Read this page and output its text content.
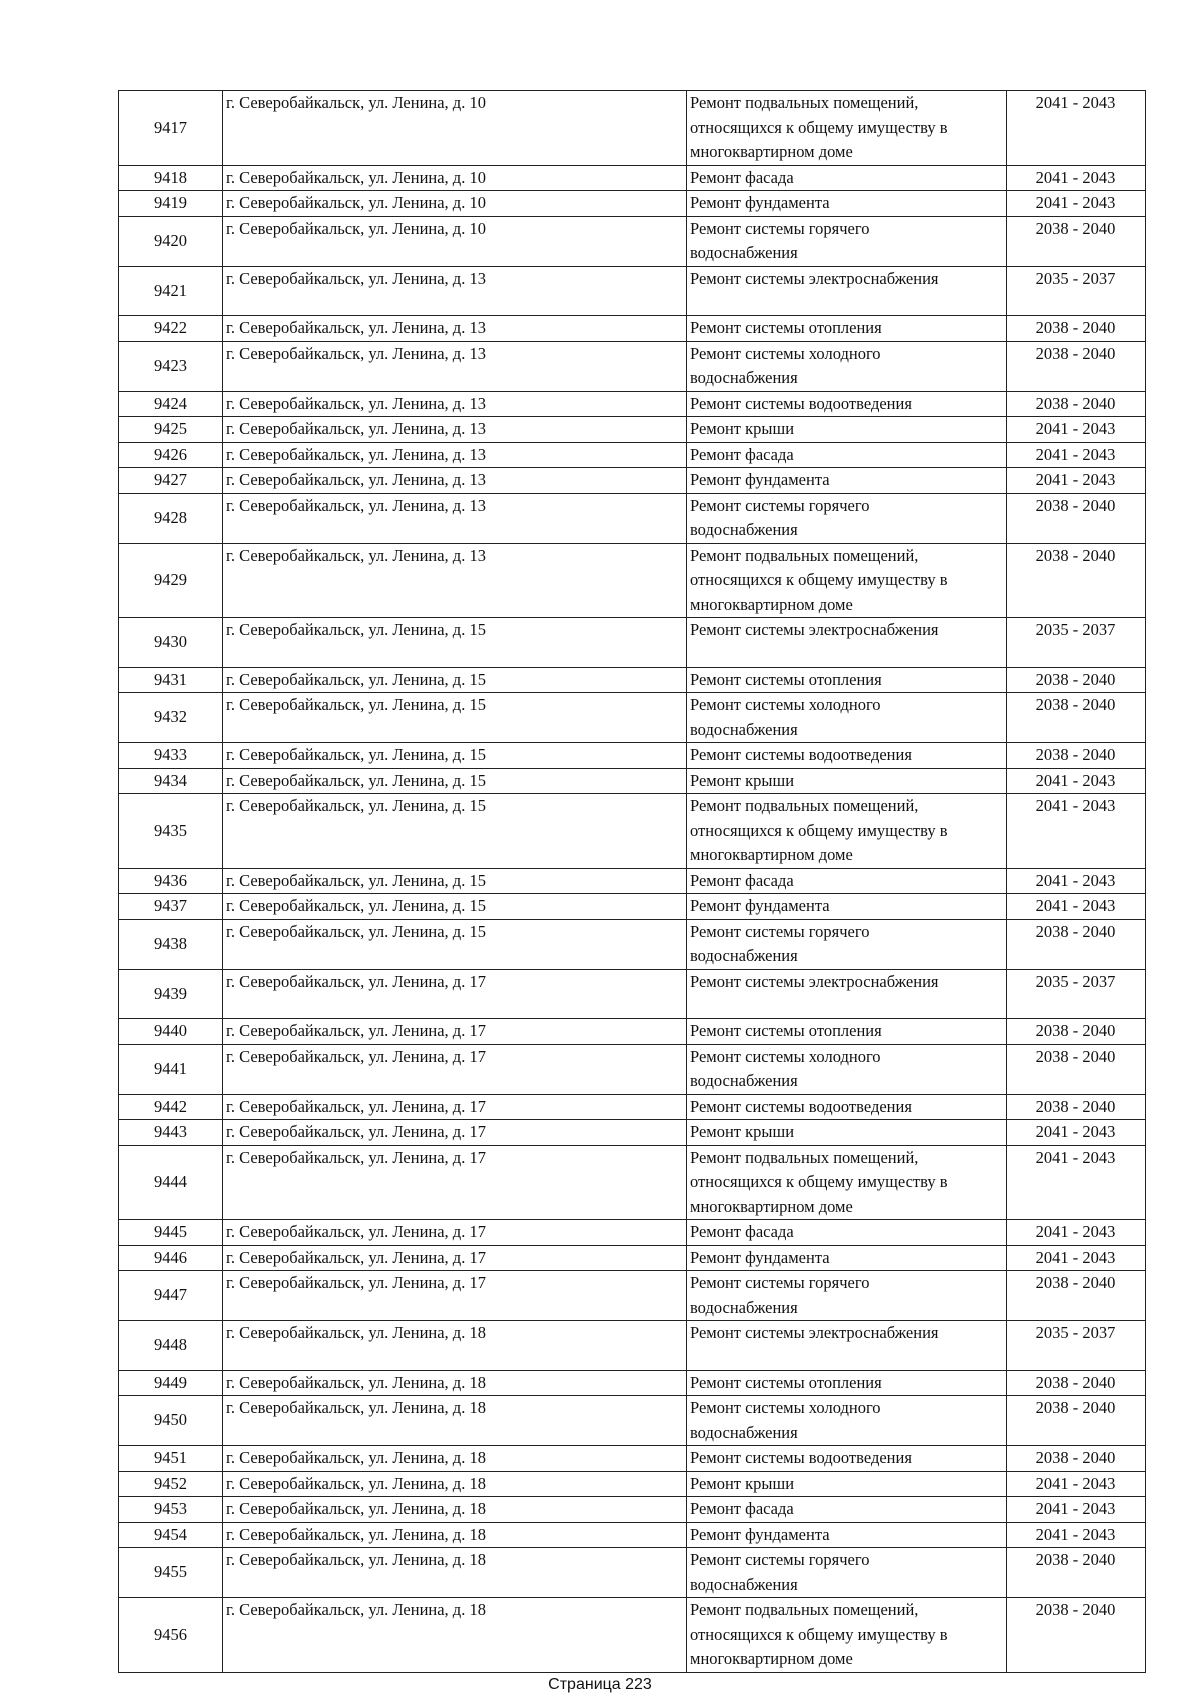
9417	г. Северобайкальск, ул. Ленина, д. 10	Ремонт подвальных помещений,
относящихся к общему имуществу в
многоквартирном доме	2041 - 2043
9418	г. Северобайкальск, ул. Ленина, д. 10	Ремонт фасада	2041 - 2043
9419	г. Северобайкальск, ул. Ленина, д. 10	Ремонт фундамента	2041 - 2043
9420	г. Северобайкальск, ул. Ленина, д. 10	Ремонт системы горячего
водоснабжения	2038 - 2040
9421	г. Северобайкальск, ул. Ленина, д. 13	Ремонт системы электроснабжения	2035 - 2037
9422	г. Северобайкальск, ул. Ленина, д. 13	Ремонт системы отопления	2038 - 2040
9423	г. Северобайкальск, ул. Ленина, д. 13	Ремонт системы холодного
водоснабжения	2038 - 2040
9424	г. Северобайкальск, ул. Ленина, д. 13	Ремонт системы водоотведения	2038 - 2040
9425	г. Северобайкальск, ул. Ленина, д. 13	Ремонт крыши	2041 - 2043
9426	г. Северобайкальск, ул. Ленина, д. 13	Ремонт фасада	2041 - 2043
9427	г. Северобайкальск, ул. Ленина, д. 13	Ремонт фундамента	2041 - 2043
9428	г. Северобайкальск, ул. Ленина, д. 13	Ремонт системы горячего
водоснабжения	2038 - 2040
9429	г. Северобайкальск, ул. Ленина, д. 13	Ремонт подвальных помещений,
относящихся к общему имуществу в
многоквартирном доме	2038 - 2040
9430	г. Северобайкальск, ул. Ленина, д. 15	Ремонт системы электроснабжения	2035 - 2037
9431	г. Северобайкальск, ул. Ленина, д. 15	Ремонт системы отопления	2038 - 2040
9432	г. Северобайкальск, ул. Ленина, д. 15	Ремонт системы холодного
водоснабжения	2038 - 2040
9433	г. Северобайкальск, ул. Ленина, д. 15	Ремонт системы водоотведения	2038 - 2040
9434	г. Северобайкальск, ул. Ленина, д. 15	Ремонт крыши	2041 - 2043
9435	г. Северобайкальск, ул. Ленина, д. 15	Ремонт подвальных помещений,
относящихся к общему имуществу в
многоквартирном доме	2041 - 2043
9436	г. Северобайкальск, ул. Ленина, д. 15	Ремонт фасада	2041 - 2043
9437	г. Северобайкальск, ул. Ленина, д. 15	Ремонт фундамента	2041 - 2043
9438	г. Северобайкальск, ул. Ленина, д. 15	Ремонт системы горячего
водоснабжения	2038 - 2040
9439	г. Северобайкальск, ул. Ленина, д. 17	Ремонт системы электроснабжения	2035 - 2037
9440	г. Северобайкальск, ул. Ленина, д. 17	Ремонт системы отопления	2038 - 2040
9441	г. Северобайкальск, ул. Ленина, д. 17	Ремонт системы холодного
водоснабжения	2038 - 2040
9442	г. Северобайкальск, ул. Ленина, д. 17	Ремонт системы водоотведения	2038 - 2040
9443	г. Северобайкальск, ул. Ленина, д. 17	Ремонт крыши	2041 - 2043
9444	г. Северобайкальск, ул. Ленина, д. 17	Ремонт подвальных помещений,
относящихся к общему имуществу в
многоквартирном доме	2041 - 2043
9445	г. Северобайкальск, ул. Ленина, д. 17	Ремонт фасада	2041 - 2043
9446	г. Северобайкальск, ул. Ленина, д. 17	Ремонт фундамента	2041 - 2043
9447	г. Северобайкальск, ул. Ленина, д. 17	Ремонт системы горячего
водоснабжения	2038 - 2040
9448	г. Северобайкальск, ул. Ленина, д. 18	Ремонт системы электроснабжения	2035 - 2037
9449	г. Северобайкальск, ул. Ленина, д. 18	Ремонт системы отопления	2038 - 2040
9450	г. Северобайкальск, ул. Ленина, д. 18	Ремонт системы холодного
водоснабжения	2038 - 2040
9451	г. Северобайкальск, ул. Ленина, д. 18	Ремонт системы водоотведения	2038 - 2040
9452	г. Северобайкальск, ул. Ленина, д. 18	Ремонт крыши	2041 - 2043
9453	г. Северобайкальск, ул. Ленина, д. 18	Ремонт фасада	2041 - 2043
9454	г. Северобайкальск, ул. Ленина, д. 18	Ремонт фундамента	2041 - 2043
9455	г. Северобайкальск, ул. Ленина, д. 18	Ремонт системы горячего
водоснабжения	2038 - 2040
9456	г. Северобайкальск, ул. Ленина, д. 18	Ремонт подвальных помещений,
относящихся к общему имуществу в
многоквартирном доме	2038 - 2040
Страница 223
